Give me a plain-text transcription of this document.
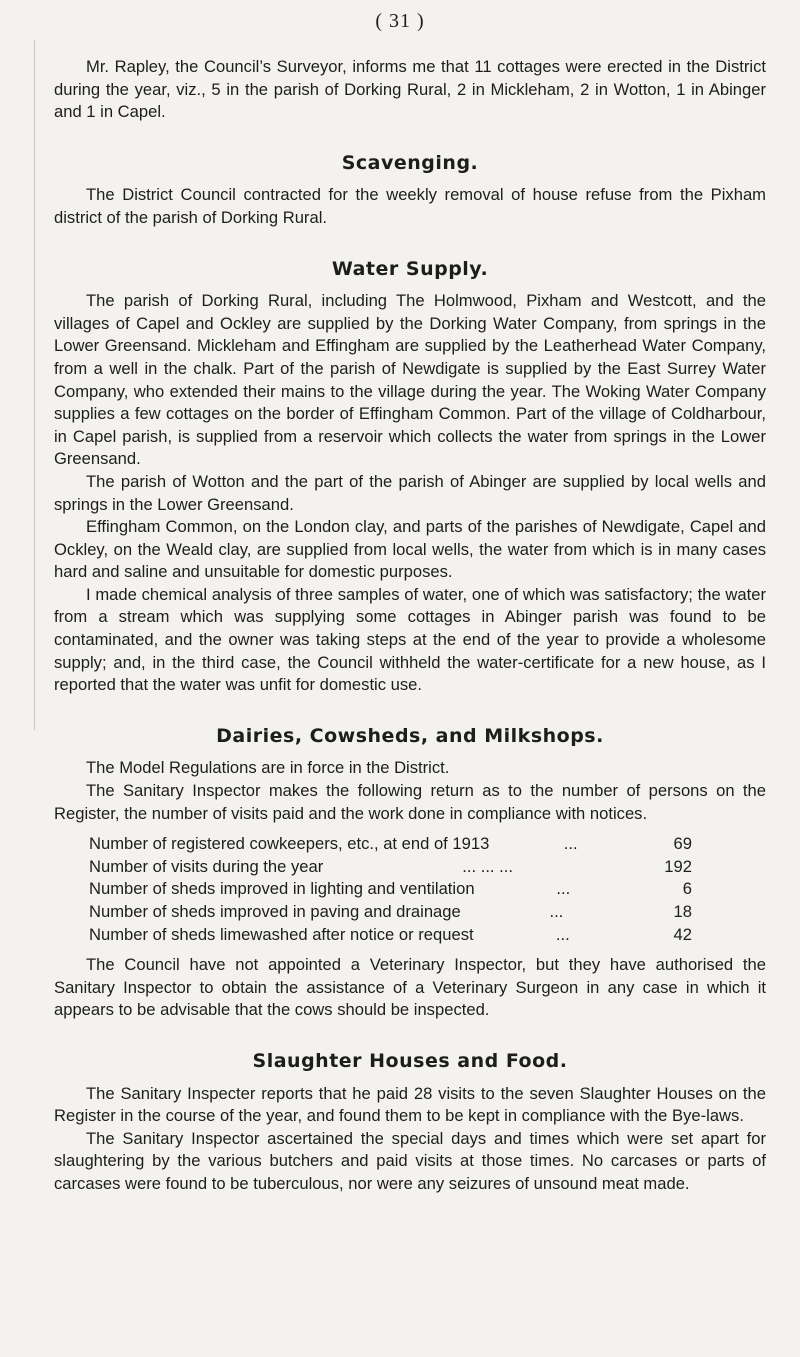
( 31 )

Mr. Rapley, the Council’s Surveyor, informs me that 11 cottages were erected in the District during the year, viz., 5 in the parish of Dorking Rural, 2 in Mickleham, 2 in Wotton, 1 in Abinger and 1 in Capel.

Scavenging.

The District Council contracted for the weekly removal of house refuse from the Pixham district of the parish of Dorking Rural.

Water Supply.

The parish of Dorking Rural, including The Holmwood, Pixham and Westcott, and the villages of Capel and Ockley are supplied by the Dorking Water Company, from springs in the Lower Greensand. Mickleham and Effingham are supplied by the Leatherhead Water Company, from a well in the chalk. Part of the parish of Newdigate is supplied by the East Surrey Water Company, who extended their mains to the village during the year. The Woking Water Company supplies a few cottages on the border of Effingham Common. Part of the village of Coldharbour, in Capel parish, is supplied from a reservoir which collects the water from springs in the Lower Greensand.

The parish of Wotton and the part of the parish of Abinger are supplied by local wells and springs in the Lower Greensand.

Effingham Common, on the London clay, and parts of the parishes of Newdigate, Capel and Ockley, on the Weald clay, are supplied from local wells, the water from which is in many cases hard and saline and unsuitable for domestic purposes.

I made chemical analysis of three samples of water, one of which was satisfactory; the water from a stream which was supplying some cottages in Abinger parish was found to be contaminated, and the owner was taking steps at the end of the year to provide a wholesome supply; and, in the third case, the Council withheld the water-certificate for a new house, as I reported that the water was unfit for domestic use.

Dairies, Cowsheds, and Milkshops.

The Model Regulations are in force in the District.

The Sanitary Inspector makes the following return as to the number of persons on the Register, the number of visits paid and the work done in compliance with notices.

Number of registered cowkeepers, etc., at end of 1913	...	69
Number of visits during the year	... ... ...	192
Number of sheds improved in lighting and ventilation	...	6
Number of sheds improved in paving and drainage	...	18
Number of sheds limewashed after notice or request	...	42

The Council have not appointed a Veterinary Inspector, but they have authorised the Sanitary Inspector to obtain the assistance of a Veterinary Surgeon in any case in which it appears to be advisable that the cows should be inspected.

Slaughter Houses and Food.

The Sanitary Inspecter reports that he paid 28 visits to the seven Slaughter Houses on the Register in the course of the year, and found them to be kept in compliance with the Bye-laws.

The Sanitary Inspector ascertained the special days and times which were set apart for slaughtering by the various butchers and paid visits at those times. No carcases or parts of carcases were found to be tuberculous, nor were any seizures of unsound meat made.
